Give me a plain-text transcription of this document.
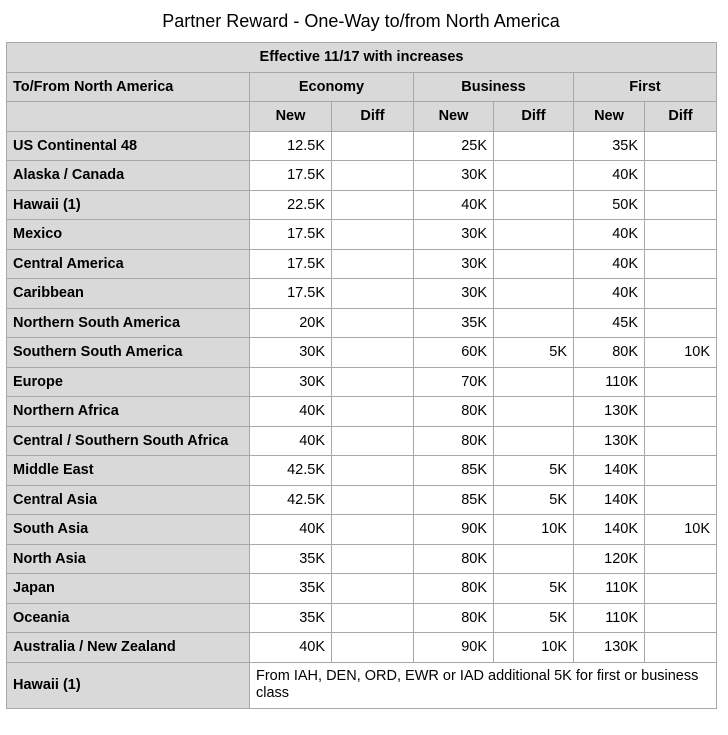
Partner Reward - One-Way to/from North America
Effective 11/17 with increases						
To/From North America	Economy		Business		First	
	New	Diff	New	Diff	New	Diff
US Continental 48	12.5K		25K		35K	
Alaska / Canada	17.5K		30K		40K	
Hawaii (1)	22.5K		40K		50K	
Mexico	17.5K		30K		40K	
Central America	17.5K		30K		40K	
Caribbean	17.5K		30K		40K	
Northern South America	20K		35K		45K	
Southern South America	30K		60K	5K	80K	10K
Europe	30K		70K		110K	
Northern Africa	40K		80K		130K	
Central / Southern South Africa	40K		80K		130K	
Middle East	42.5K		85K	5K	140K	
Central Asia	42.5K		85K	5K	140K	
South Asia	40K		90K	10K	140K	10K
North Asia	35K		80K		120K	
Japan	35K		80K	5K	110K	
Oceania	35K		80K	5K	110K	
Australia / New Zealand	40K		90K	10K	130K	
Hawaii (1)	From IAH, DEN, ORD, EWR or IAD additional 5K for first or business class					
